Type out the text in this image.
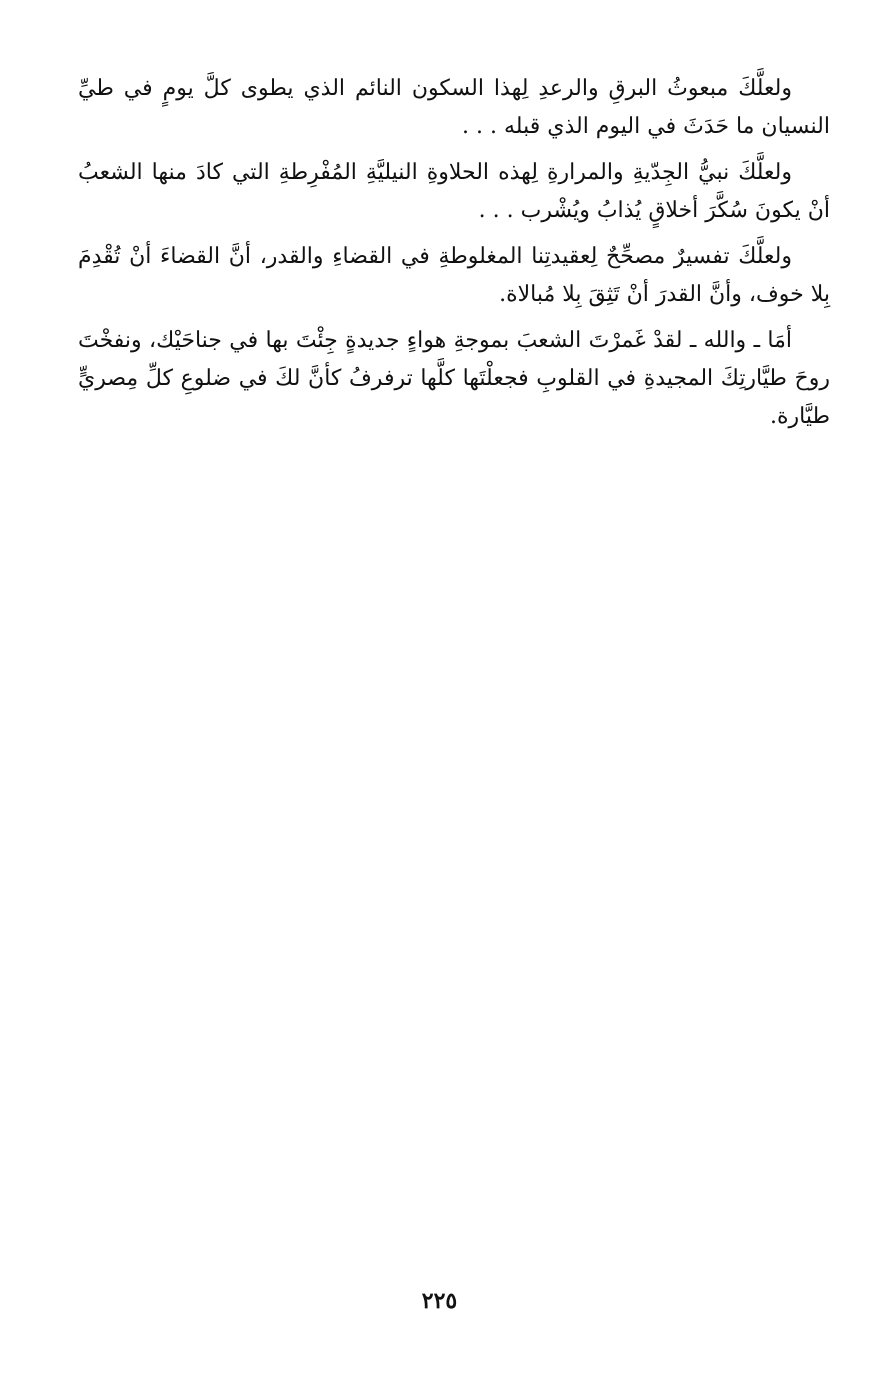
ولعلَّكَ مبعوثُ البرقِ والرعدِ لِهذا السكون النائم الذي يطوى كلَّ يومٍ في طيِّ النسيان ما حَدَثَ في اليوم الذي قبله . . .

ولعلَّكَ نبيُّ الجِدّيةِ والمرارةِ لِهذه الحلاوةِ النيليَّةِ المُفْرِطةِ التي كادَ منها الشعبُ أنْ يكونَ سُكَّرَ أخلاقٍ يُذابُ ويُشْرب . . .

ولعلَّكَ تفسيرٌ مصحِّحٌ لِعقيدتِنا المغلوطةِ في القضاءِ والقدر، أنَّ القضاءَ أنْ تُقْدِمَ بِلا خوف، وأنَّ القدرَ أنْ تَثِقَ بِلا مُبالاة.

أمَا ـ والله ـ لقدْ غَمرْتَ الشعبَ بموجةِ هواءٍ جديدةٍ جِئْتَ بها في جناحَيْك، ونفخْتَ روحَ طيَّارتِكَ المجيدةِ في القلوبِ فجعلْتَها كلَّها ترفرفُ كأنَّ لكَ في ضلوعِ كلِّ مِصريٍّ طيَّارة.

٢٢٥
